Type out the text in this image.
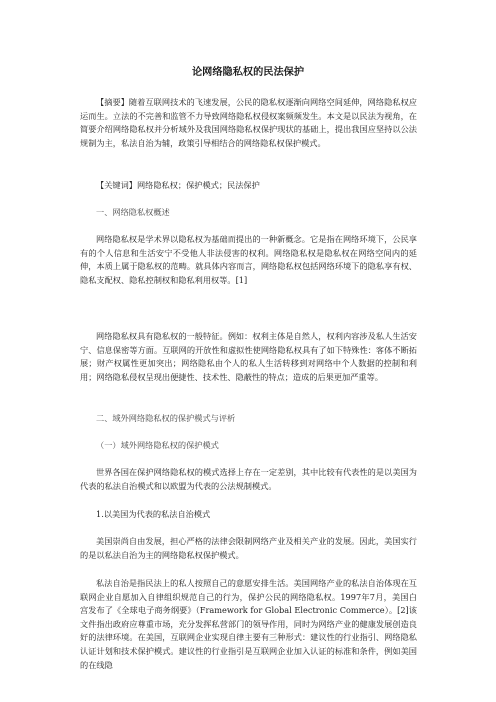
论网络隐私权的民法保护
【摘要】随着互联网技术的飞速发展，公民的隐私权逐渐向网络空间延伸，网络隐私权应运而生。立法的不完善和监管不力导致网络隐私权侵权案频频发生。本文是以民法为视角，在简要介绍网络隐私权并分析域外及我国网络隐私权保护现状的基础上，提出我国应坚持以公法规制为主，私法自治为辅，政策引导相结合的网络隐私权保护模式。
【关键词】网络隐私权；保护模式；民法保护
一、网络隐私权概述
网络隐私权是学术界以隐私权为基础而提出的一种新概念。它是指在网络环境下，公民享有的个人信息和生活安宁不受他人非法侵害的权利。网络隐私权是隐私权在网络空间内的延伸，本质上属于隐私权的范畴。就具体内容而言，网络隐私权包括网络环境下的隐私享有权、隐私支配权、隐私控制权和隐私利用权等。[1]
网络隐私权具有隐私权的一般特征。例如：权利主体是自然人，权利内容涉及私人生活安宁、信息保密等方面。互联网的开放性和虚拟性使网络隐私权具有了如下特殊性：客体不断拓展；财产权属性更加突出；网络隐私由个人的私人生活转移到对网络中个人数据的控制和利用；网络隐私侵权呈现出便捷性、技术性、隐蔽性的特点；造成的后果更加严重等。
二、域外网络隐私权的保护模式与评析
（一）域外网络隐私权的保护模式
世界各国在保护网络隐私权的模式选择上存在一定差别，其中比较有代表性的是以美国为代表的私法自治模式和以欧盟为代表的公法规制模式。
1.以美国为代表的私法自治模式
美国崇尚自由发展，担心严格的法律会限制网络产业及相关产业的发展。因此，美国实行的是以私法自治为主的网络隐私权保护模式。
私法自治是指民法上的私人按照自己的意愿安排生活。美国网络产业的私法自治体现在互联网企业自愿加入自律组织规范自己的行为，保护公民的网络隐私权。1997年7月，美国白宫发布了《全球电子商务纲要》（Framework for Global Electronic Commerce）。[2]该文件指出政府应尊重市场，充分发挥私营部门的领导作用，同时为网络产业的健康发展创造良好的法律环境。在美国，互联网企业实现自律主要有三种形式：建议性的行业指引、网络隐私认证计划和技术保护模式。建议性的行业指引是互联网企业加入认证的标准和条件，例如美国的在线隐
